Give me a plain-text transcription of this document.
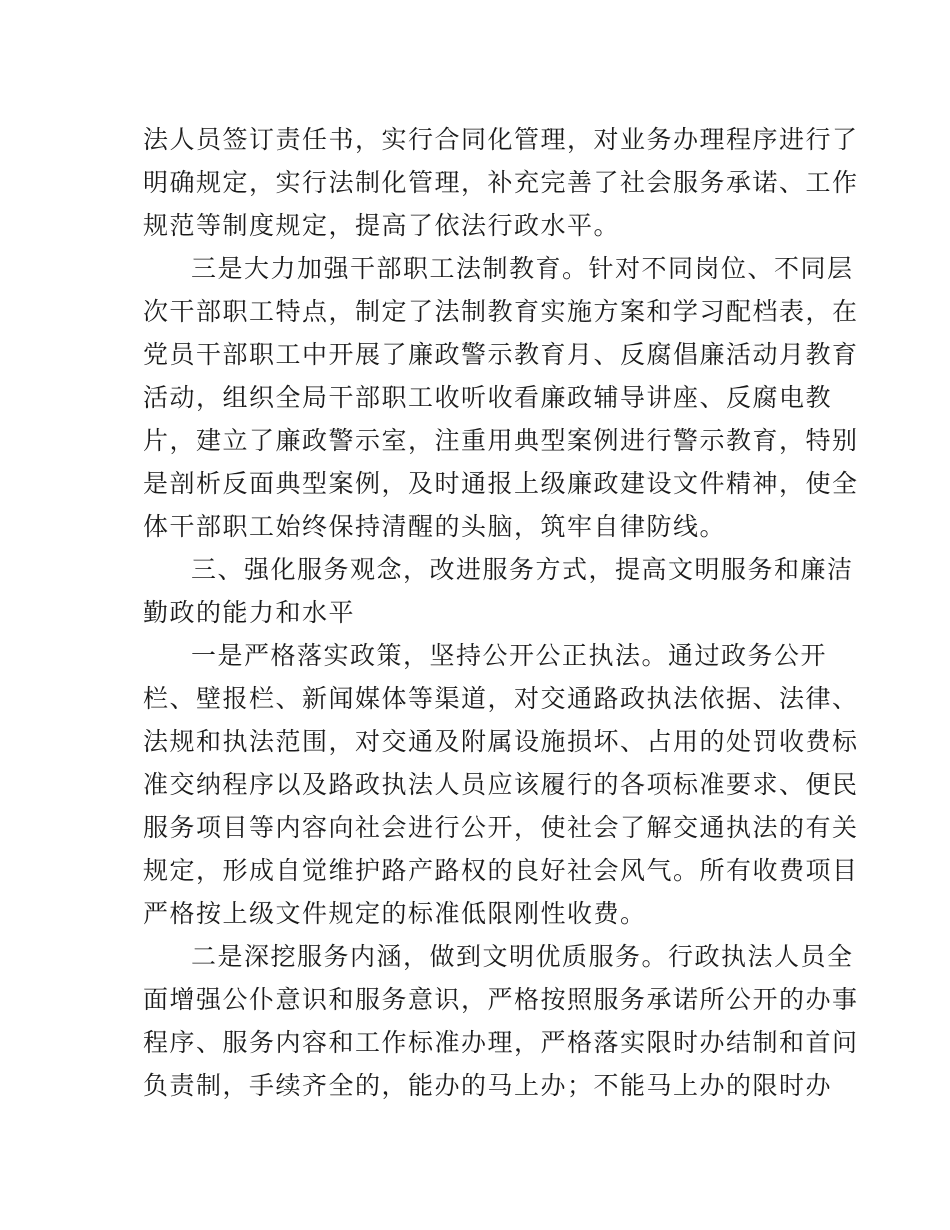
法人员签订责任书，实行合同化管理，对业务办理程序进行了
明确规定，实行法制化管理，补充完善了社会服务承诺、工作
规范等制度规定，提高了依法行政水平。
三是大力加强干部职工法制教育。针对不同岗位、不同层
次干部职工特点，制定了法制教育实施方案和学习配档表，在
党员干部职工中开展了廉政警示教育月、反腐倡廉活动月教育
活动，组织全局干部职工收听收看廉政辅导讲座、反腐电教
片，建立了廉政警示室，注重用典型案例进行警示教育，特别
是剖析反面典型案例，及时通报上级廉政建设文件精神，使全
体干部职工始终保持清醒的头脑，筑牢自律防线。
三、强化服务观念，改进服务方式，提高文明服务和廉洁
勤政的能力和水平
一是严格落实政策，坚持公开公正执法。通过政务公开
栏、壁报栏、新闻媒体等渠道，对交通路政执法依据、法律、
法规和执法范围，对交通及附属设施损坏、占用的处罚收费标
准交纳程序以及路政执法人员应该履行的各项标准要求、便民
服务项目等内容向社会进行公开，使社会了解交通执法的有关
规定，形成自觉维护路产路权的良好社会风气。所有收费项目
严格按上级文件规定的标准低限刚性收费。
二是深挖服务内涵，做到文明优质服务。行政执法人员全
面增强公仆意识和服务意识，严格按照服务承诺所公开的办事
程序、服务内容和工作标准办理，严格落实限时办结制和首问
负责制，手续齐全的，能办的马上办；不能马上办的限时办
